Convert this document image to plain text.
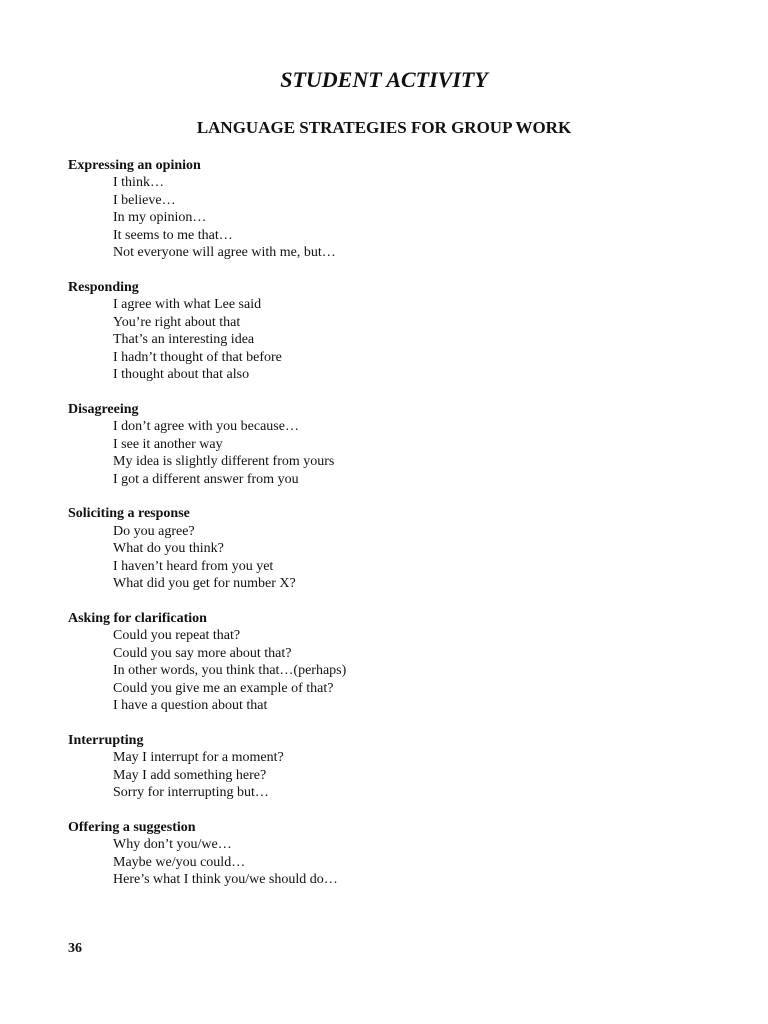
STUDENT ACTIVITY
LANGUAGE STRATEGIES FOR GROUP WORK
Expressing an opinion
I think…
I believe…
In my opinion…
It seems to me that…
Not everyone will agree with me, but…
Responding
I agree with what Lee said
You’re right about that
That’s an interesting idea
I hadn’t thought of that before
I thought about that also
Disagreeing
I don’t agree with you because…
I see it another way
My idea is slightly different from yours
I got a different answer from you
Soliciting a response
Do you agree?
What do you think?
I haven’t heard from you yet
What did you get for number X?
Asking for clarification
Could you repeat that?
Could you say more about that?
In other words, you think that…(perhaps)
Could you give me an example of that?
I have a question about that
Interrupting
May I interrupt for a moment?
May I add something here?
Sorry for interrupting but…
Offering a suggestion
Why don’t you/we…
Maybe we/you could…
Here’s what I think you/we should do…
36
